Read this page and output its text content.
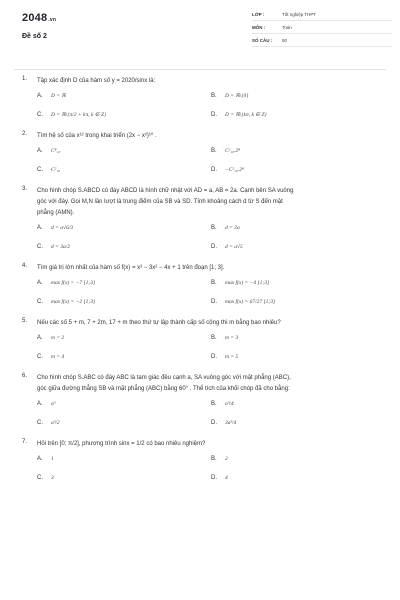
2048.vn
Đề số 2
LỚP :	Tốt nghiệp THPT
MÔN :	Toán
SỐ CÂU :	50
1. Tập xác định D của hàm số y = 2020/sinx là:
A.	D = ℝ	B.	D = ℝ\{0}
C.	D = ℝ\{π/2 + kπ, k ∈ Z}	D.	D = ℝ\{kπ, k ∈ Z}
2. Tìm hệ số của x¹² trong khai triển (2x − x²)¹⁰ .
A.	C⁸₁₀	B.	C²₁₀.2⁸
C.	C²₁₀	D.	−C²₁₀.2⁸
3. Cho hình chóp S.ABCD có đáy ABCD là hình chữ nhật với AD = a, AB = 2a. Cạnh bên SA vuông
góc với đáy. Gọi M,N lần lượt là trung điểm của SB và SD. Tính khoảng cách d từ S đến mặt
phẳng (AMN).
A.	d = a√6/3	B.	d = 2a
C.	d = 3a/2	D.	d = a√5
4. Tìm giá trị lớn nhất của hàm số f(x) = x³ − 3x² − 4x + 1 trên đoạn [1; 3].
A.	max f(x) = −7 [1;3]	B.	max f(x) = −4 [1;3]
C.	max f(x) = −2 [1;3]	D.	max f(x) = 67/27 [1;3]
5. Nếu các số 5 + m, 7 + 2m, 17 + m theo thứ tự lập thành cấp số cộng thì m bằng bao nhiêu?
A.	m = 2	B.	m = 3
C.	m = 4	D.	m = 5
6. Cho hình chóp S.ABC có đáy ABC là tam giác đều cạnh a, SA vuông góc với mặt phẳng (ABC),
góc giữa đường thẳng SB và mặt phẳng (ABC) bằng 60° . Thể tích của khối chóp đã cho bằng:
A.	a³	B.	a³/4
C.	a³/2	D.	3a³/4
7. Hỏi trên [0; π/2], phương trình sinx = 1/2 có bao nhiêu nghiệm?
A.	1	B.	2
C.	3	D.	4
